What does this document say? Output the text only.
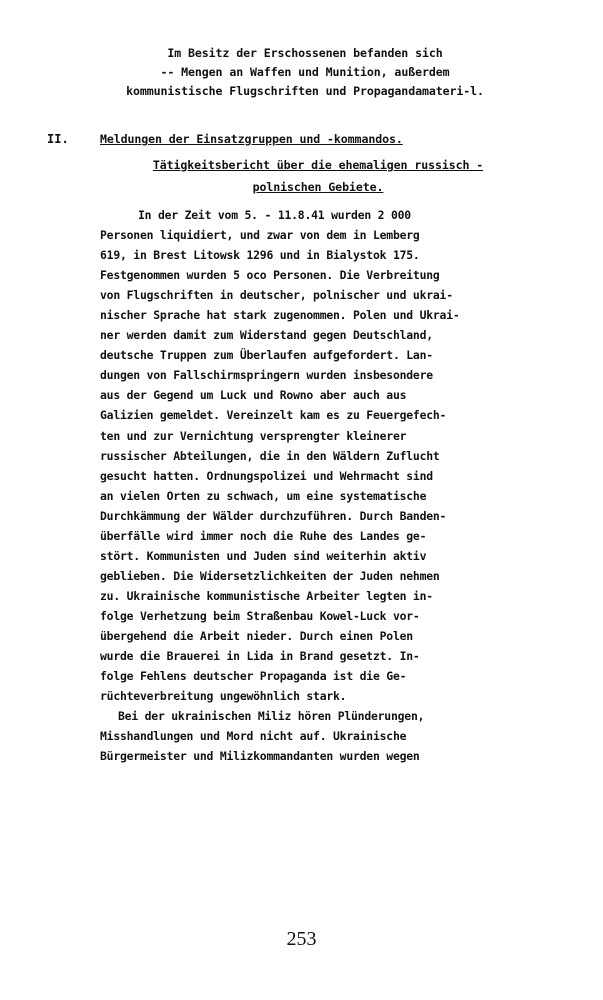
Im Besitz der Erschossenen befanden sich
-- Mengen an Waffen und Munition, außerdem
kommunistische Flugschriften und Propagandamateri-l.
II.	Meldungen der Einsatzgruppen und -kommandos.
Tätigkeitsbericht über die ehemaligen russisch -
polnischen Gebiete.
In der Zeit vom 5. - 11.8.41 wurden 2 000
Personen liquidiert, und zwar von dem in Lemberg
619, in Brest Litowsk 1296 und in Bialystok 175.
Festgenommen wurden 5 oco Personen. Die Verbreitung
von Flugschriften in deutscher, polnischer und ukrai-
nischer Sprache hat stark zugenommen. Polen und Ukrai-
ner werden damit zum Widerstand gegen Deutschland,
deutsche Truppen zum Überlaufen aufgefordert. Lan-
dungen von Fallschirmspringern wurden insbesondere
aus der Gegend um Luck und Rowno aber auch aus
Galizien gemeldet. Vereinzelt kam es zu Feuergefech-
ten und zur Vernichtung versprengter kleinerer
russischer Abteilungen, die in den Wäldern Zuflucht
gesucht hatten. Ordnungspolizei und Wehrmacht sind
an vielen Orten zu schwach, um eine systematische
Durchkämmung der Wälder durchzuführen. Durch Banden-
überfälle wird immer noch die Ruhe des Landes ge-
stört. Kommunisten und Juden sind weiterhin aktiv
geblieben. Die Widersetzlichkeiten der Juden nehmen
zu. Ukrainische kommunistische Arbeiter legten in-
folge Verhetzung beim Straßenbau Kowel-Luck vor-
übergehend die Arbeit nieder. Durch einen Polen
wurde die Brauerei in Lida in Brand gesetzt. In-
folge Fehlens deutscher Propaganda ist die Ge-
rüchteverbreitung ungewöhnlich stark.
Bei der ukrainischen Miliz hören Plünderungen,
Misshandlungen und Mord nicht auf. Ukrainische
Bürgermeister und Milizkommandanten wurden wegen
253
